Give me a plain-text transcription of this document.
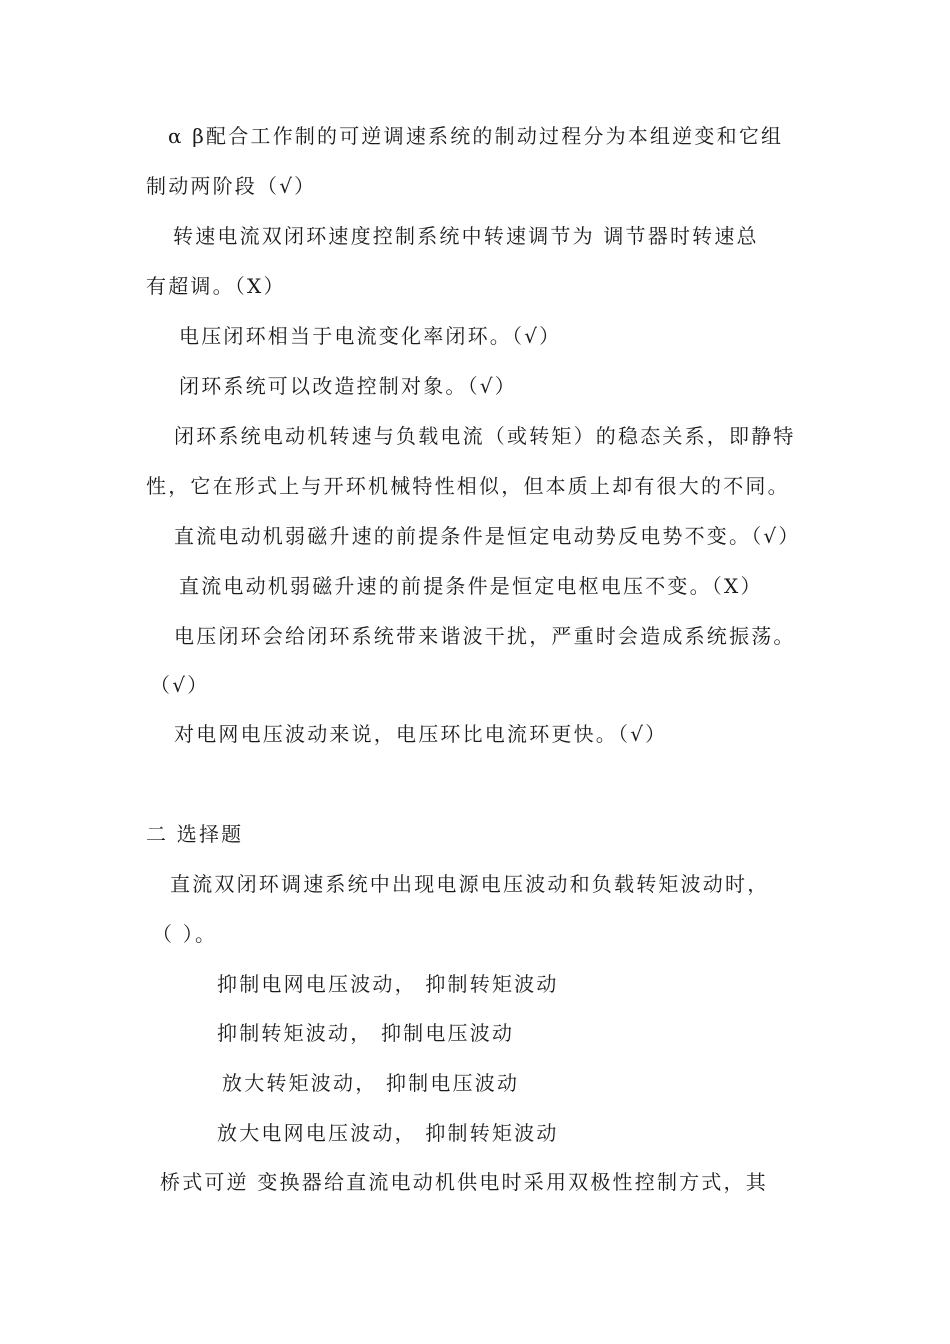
α β配合工作制的可逆调速系统的制动过程分为本组逆变和它组
制动两阶段（√）
转速电流双闭环速度控制系统中转速调节为 调节器时转速总
有超调。（X）
电压闭环相当于电流变化率闭环。（√）
闭环系统可以改造控制对象。（√）
闭环系统电动机转速与负载电流（或转矩）的稳态关系，即静特
性，它在形式上与开环机械特性相似，但本质上却有很大的不同。
直流电动机弱磁升速的前提条件是恒定电动势反电势不变。（√）
直流电动机弱磁升速的前提条件是恒定电枢电压不变。（X）
电压闭环会给闭环系统带来谐波干扰，严重时会造成系统振荡。
（√）
对电网电压波动来说，电压环比电流环更快。（√）
二 选择题
直流双闭环调速系统中出现电源电压波动和负载转矩波动时，
（ ）。
抑制电网电压波动， 抑制转矩波动
抑制转矩波动， 抑制电压波动
放大转矩波动， 抑制电压波动
放大电网电压波动， 抑制转矩波动
桥式可逆 变换器给直流电动机供电时采用双极性控制方式，其
